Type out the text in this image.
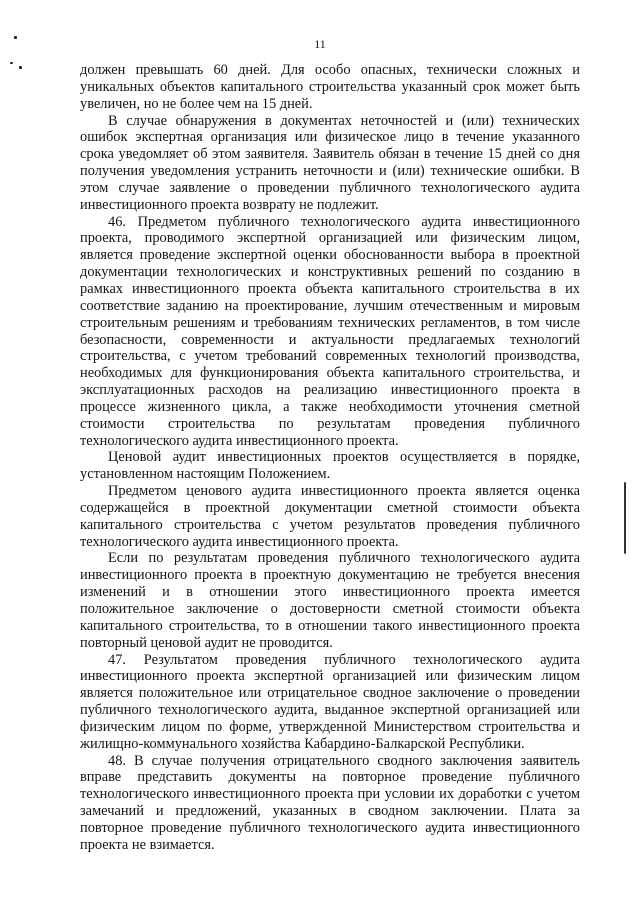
11

должен превышать 60 дней. Для особо опасных, технически сложных и уникальных объектов капитального строительства указанный срок может быть увеличен, но не более чем на 15 дней.

В случае обнаружения в документах неточностей и (или) технических ошибок экспертная организация или физическое лицо в течение указанного срока уведомляет об этом заявителя. Заявитель обязан в течение 15 дней со дня получения уведомления устранить неточности и (или) технические ошибки. В этом случае заявление о проведении публичного технологического аудита инвестиционного проекта возврату не подлежит.

46. Предметом публичного технологического аудита инвестиционного проекта, проводимого экспертной организацией или физическим лицом, является проведение экспертной оценки обоснованности выбора в проектной документации технологических и конструктивных решений по созданию в рамках инвестиционного проекта объекта капитального строительства в их соответствие заданию на проектирование, лучшим отечественным и мировым строительным решениям и требованиям технических регламентов, в том числе безопасности, современности и актуальности предлагаемых технологий строительства, с учетом требований современных технологий производства, необходимых для функционирования объекта капитального строительства, и эксплуатационных расходов на реализацию инвестиционного проекта в процессе жизненного цикла, а также необходимости уточнения сметной стоимости строительства по результатам проведения публичного технологического аудита инвестиционного проекта.

Ценовой аудит инвестиционных проектов осуществляется в порядке, установленном настоящим Положением.

Предметом ценового аудита инвестиционного проекта является оценка содержащейся в проектной документации сметной стоимости объекта капитального строительства с учетом результатов проведения публичного технологического аудита инвестиционного проекта.

Если по результатам проведения публичного технологического аудита инвестиционного проекта в проектную документацию не требуется внесения изменений и в отношении этого инвестиционного проекта имеется положительное заключение о достоверности сметной стоимости объекта капитального строительства, то в отношении такого инвестиционного проекта повторный ценовой аудит не проводится.

47. Результатом проведения публичного технологического аудита инвестиционного проекта экспертной организацией или физическим лицом является положительное или отрицательное сводное заключение о проведении публичного технологического аудита, выданное экспертной организацией или физическим лицом по форме, утвержденной Министерством строительства и жилищно-коммунального хозяйства Кабардино-Балкарской Республики.

48. В случае получения отрицательного сводного заключения заявитель вправе представить документы на повторное проведение публичного технологического инвестиционного проекта при условии их доработки с учетом замечаний и предложений, указанных в сводном заключении. Плата за повторное проведение публичного технологического аудита инвестиционного проекта не взимается.
